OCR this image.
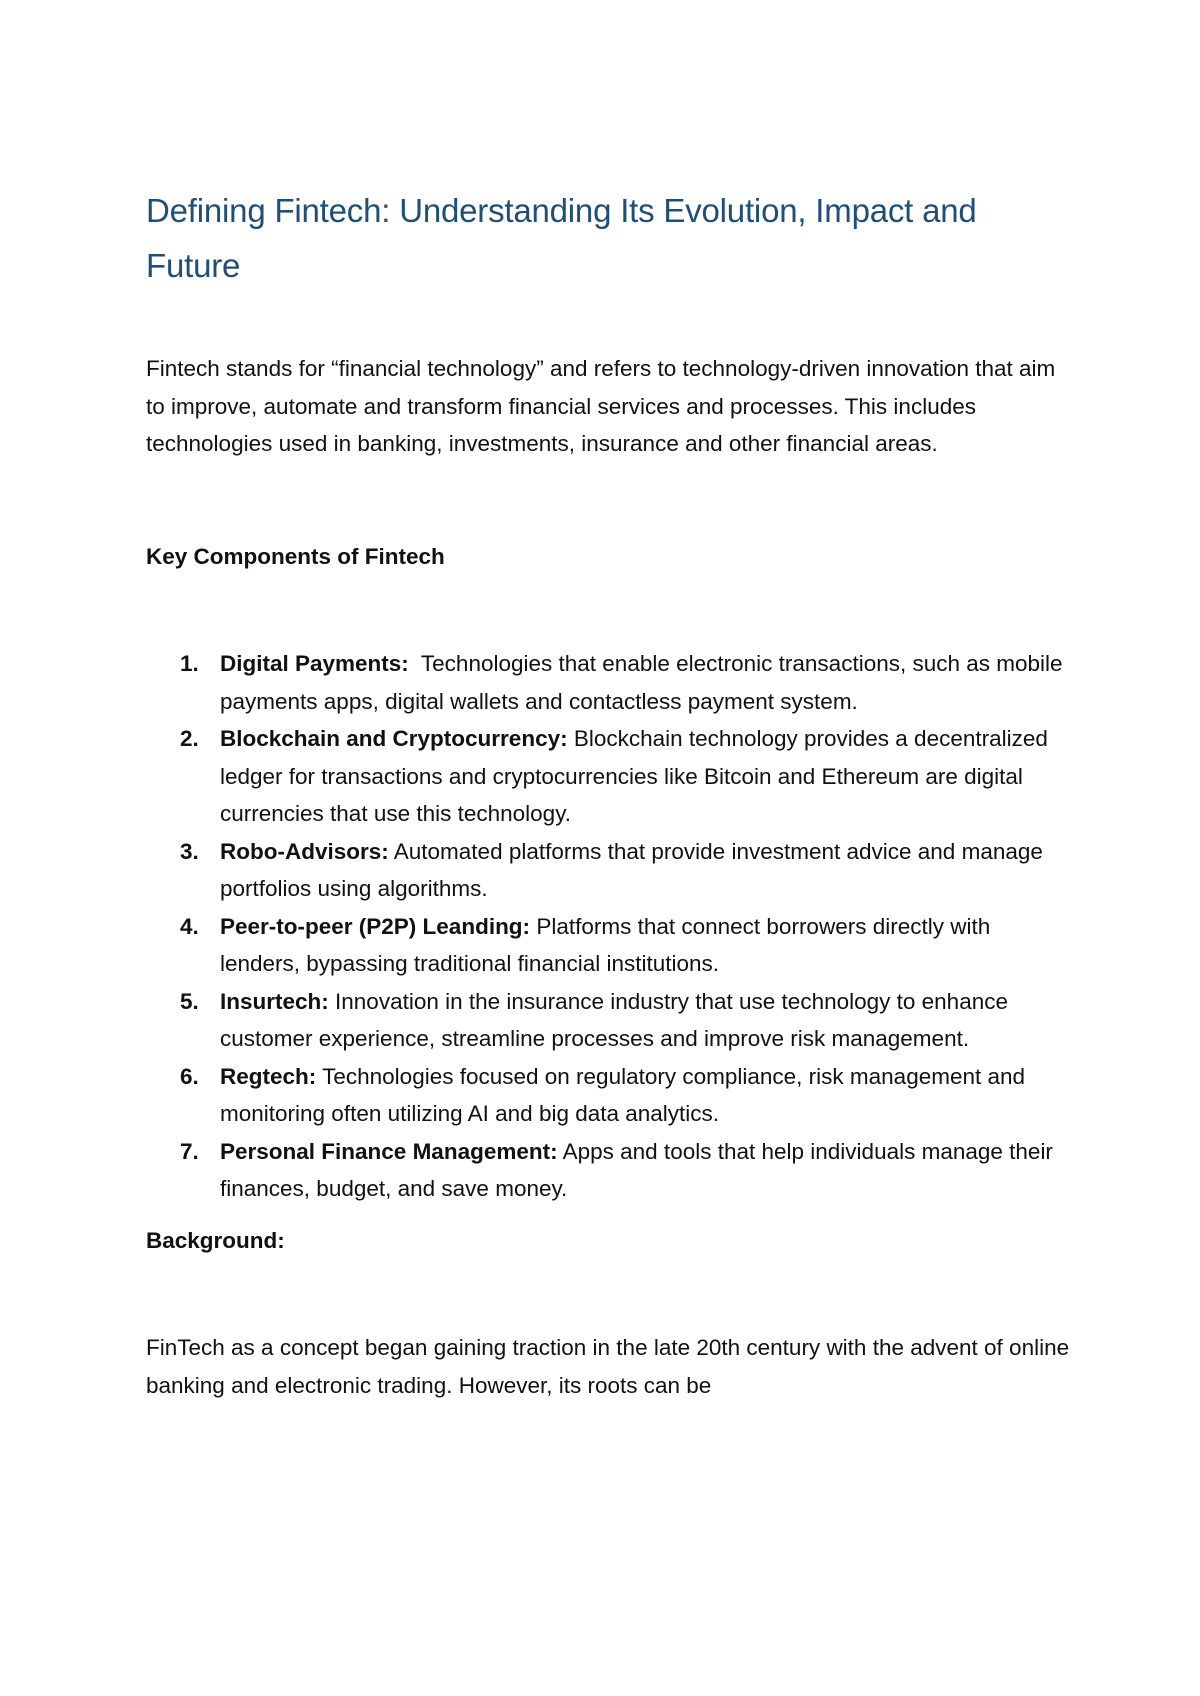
Defining Fintech: Understanding Its Evolution, Impact and Future

Fintech stands for “financial technology” and refers to technology-driven innovation that aim to improve, automate and transform financial services and processes. This includes technologies used in banking, investments, insurance and other financial areas.

Key Components of Fintech

1. Digital Payments: Technologies that enable electronic transactions, such as mobile payments apps, digital wallets and contactless payment system.
2. Blockchain and Cryptocurrency: Blockchain technology provides a decentralized ledger for transactions and cryptocurrencies like Bitcoin and Ethereum are digital currencies that use this technology.
3. Robo-Advisors: Automated platforms that provide investment advice and manage portfolios using algorithms.
4. Peer-to-peer (P2P) Leanding: Platforms that connect borrowers directly with lenders, bypassing traditional financial institutions.
5. Insurtech: Innovation in the insurance industry that use technology to enhance customer experience, streamline processes and improve risk management.
6. Regtech: Technologies focused on regulatory compliance, risk management and monitoring often utilizing AI and big data analytics.
7. Personal Finance Management: Apps and tools that help individuals manage their finances, budget, and save money.

Background:

FinTech as a concept began gaining traction in the late 20th century with the advent of online banking and electronic trading. However, its roots can be
